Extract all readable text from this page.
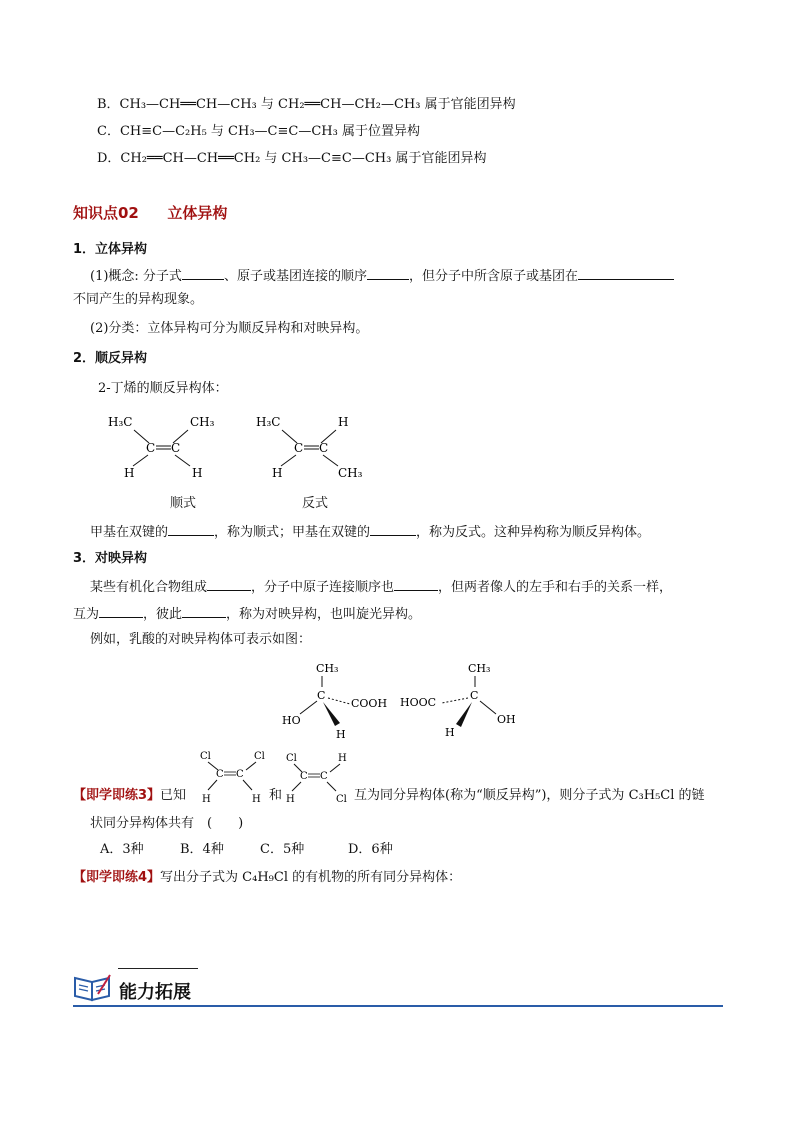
B．CH₃—CH══CH—CH₃ 与 CH₂══CH—CH₂—CH₃ 属于官能团异构
C．CH≡C—C₂H₅ 与 CH₃—C≡C—CH₃ 属于位置异构
D．CH₂══CH—CH══CH₂ 与 CH₃—C≡C—CH₃ 属于官能团异构
知识点02 立体异构
1．立体异构
(1)概念: 分子式	、原子或基团连接的顺序	，但分子中所含原子或基团在
不同产生的异构现象。
(2)分类：立体异构可分为顺反异构和对映异构。
2．顺反异构
2-丁烯的顺反异构体：
H₃C	CH₃
C C
H	H
H₃C	H
C C
H	CH₃
顺式	反式
甲基在双键的	，称为顺式；甲基在双键的	，称为反式。这种异构称为顺反异构体。
3．对映异构
某些有机化合物组成	，分子中原子连接顺序也	，但两者像人的左手和右手的关系一样，
互为	，彼此	，称为对映异构，也叫旋光异构。
例如，乳酸的对映异构体可表示如图：
CH₃
C
COOH
HO
H
CH₃
C
HOOC
OH
H
Cl	Cl
C C
H	H
Cl	H
C C
H	Cl
【即学即练3】已知	和	互为同分异构体(称为“顺反异构”)，则分子式为 C₃H₅Cl 的链
状同分异构体共有　(　　)
A．3种	B．4种	C．5种	D．6种
【即学即练4】写出分子式为 C₄H₉Cl 的有机物的所有同分异构体：
能力拓展
